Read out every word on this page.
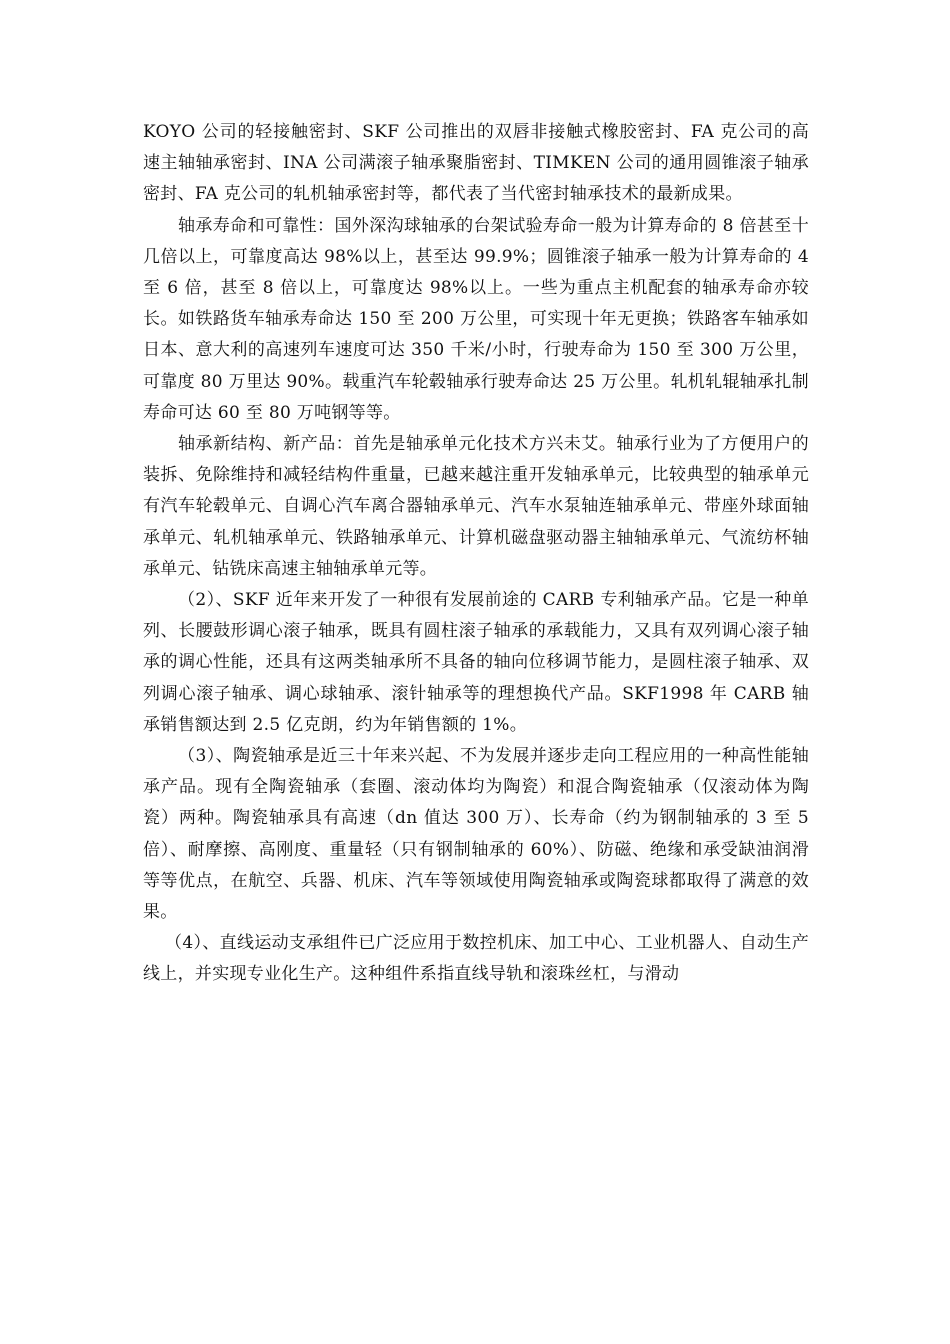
KOYO 公司的轻接触密封、SKF 公司推出的双唇非接触式橡胶密封、FA 克公司的高速主轴轴承密封、INA 公司满滚子轴承聚脂密封、TIMKEN 公司的通用圆锥滚子轴承密封、FA 克公司的轧机轴承密封等，都代表了当代密封轴承技术的最新成果。

轴承寿命和可靠性：国外深沟球轴承的台架试验寿命一般为计算寿命的 8 倍甚至十几倍以上，可靠度高达 98%以上，甚至达 99.9%；圆锥滚子轴承一般为计算寿命的 4 至 6 倍，甚至 8 倍以上，可靠度达 98%以上。一些为重点主机配套的轴承寿命亦较长。如铁路货车轴承寿命达 150 至 200 万公里，可实现十年无更换；铁路客车轴承如日本、意大利的高速列车速度可达 350 千米/小时，行驶寿命为 150 至 300 万公里，可靠度 80 万里达 90%。载重汽车轮毂轴承行驶寿命达 25 万公里。轧机轧辊轴承扎制寿命可达 60 至 80 万吨钢等等。

轴承新结构、新产品：首先是轴承单元化技术方兴未艾。轴承行业为了方便用户的装拆、免除维持和减轻结构件重量，已越来越注重开发轴承单元，比较典型的轴承单元有汽车轮毂单元、自调心汽车离合器轴承单元、汽车水泵轴连轴承单元、带座外球面轴承单元、轧机轴承单元、铁路轴承单元、计算机磁盘驱动器主轴轴承单元、气流纺杯轴承单元、钻铣床高速主轴轴承单元等。

（2）、SKF 近年来开发了一种很有发展前途的 CARB 专利轴承产品。它是一种单列、长腰鼓形调心滚子轴承，既具有圆柱滚子轴承的承载能力，又具有双列调心滚子轴承的调心性能，还具有这两类轴承所不具备的轴向位移调节能力，是圆柱滚子轴承、双列调心滚子轴承、调心球轴承、滚针轴承等的理想换代产品。SKF1998 年 CARB 轴承销售额达到 2.5 亿克朗，约为年销售额的 1%。

（3）、陶瓷轴承是近三十年来兴起、不为发展并逐步走向工程应用的一种高性能轴承产品。现有全陶瓷轴承（套圈、滚动体均为陶瓷）和混合陶瓷轴承（仅滚动体为陶瓷）两种。陶瓷轴承具有高速（dn 值达 300 万）、长寿命（约为钢制轴承的 3 至 5 倍）、耐摩擦、高刚度、重量轻（只有钢制轴承的 60%）、防磁、绝缘和承受缺油润滑等等优点，在航空、兵器、机床、汽车等领域使用陶瓷轴承或陶瓷球都取得了满意的效果。

（4）、直线运动支承组件已广泛应用于数控机床、加工中心、工业机器人、自动生产线上，并实现专业化生产。这种组件系指直线导轨和滚珠丝杠，与滑动
